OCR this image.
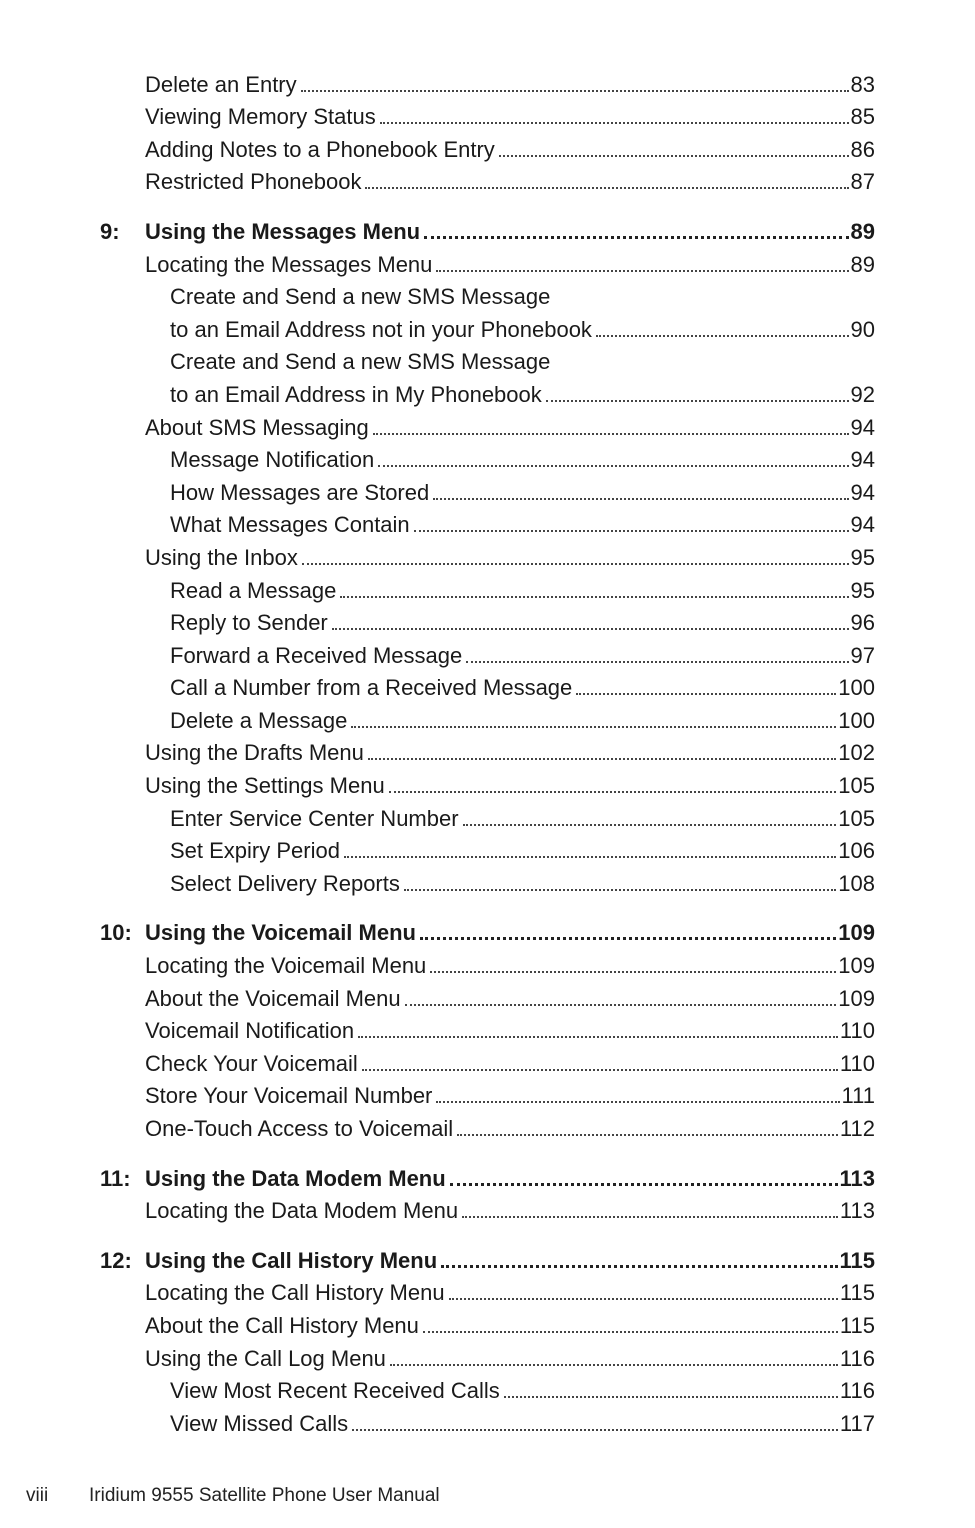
Delete an Entry	83
Viewing Memory Status	85
Adding Notes to a Phonebook Entry	86
Restricted Phonebook	87
9: Using the Messages Menu	89
Locating the Messages Menu	89
Create and Send a new SMS Message
to an Email Address not in your Phonebook	90
Create and Send a new SMS Message
to an Email Address in My Phonebook	92
About SMS Messaging	94
Message Notification	94
How Messages are Stored	94
What Messages Contain	94
Using the Inbox	95
Read a Message	95
Reply to Sender	96
Forward a Received Message	97
Call a Number from a Received Message	100
Delete a Message	100
Using the Drafts Menu	102
Using the Settings Menu	105
Enter Service Center Number	105
Set Expiry Period	106
Select Delivery Reports	108
10: Using the Voicemail Menu	109
Locating the Voicemail Menu	109
About the Voicemail Menu	109
Voicemail Notification	110
Check Your Voicemail	110
Store Your Voicemail Number	111
One-Touch Access to Voicemail	112
11: Using the Data Modem Menu	113
Locating the Data Modem Menu	113
12: Using the Call History Menu	115
Locating the Call History Menu	115
About the Call History Menu	115
Using the Call Log Menu	116
View Most Recent Received Calls	116
View Missed Calls	117
viii Iridium 9555 Satellite Phone User Manual
